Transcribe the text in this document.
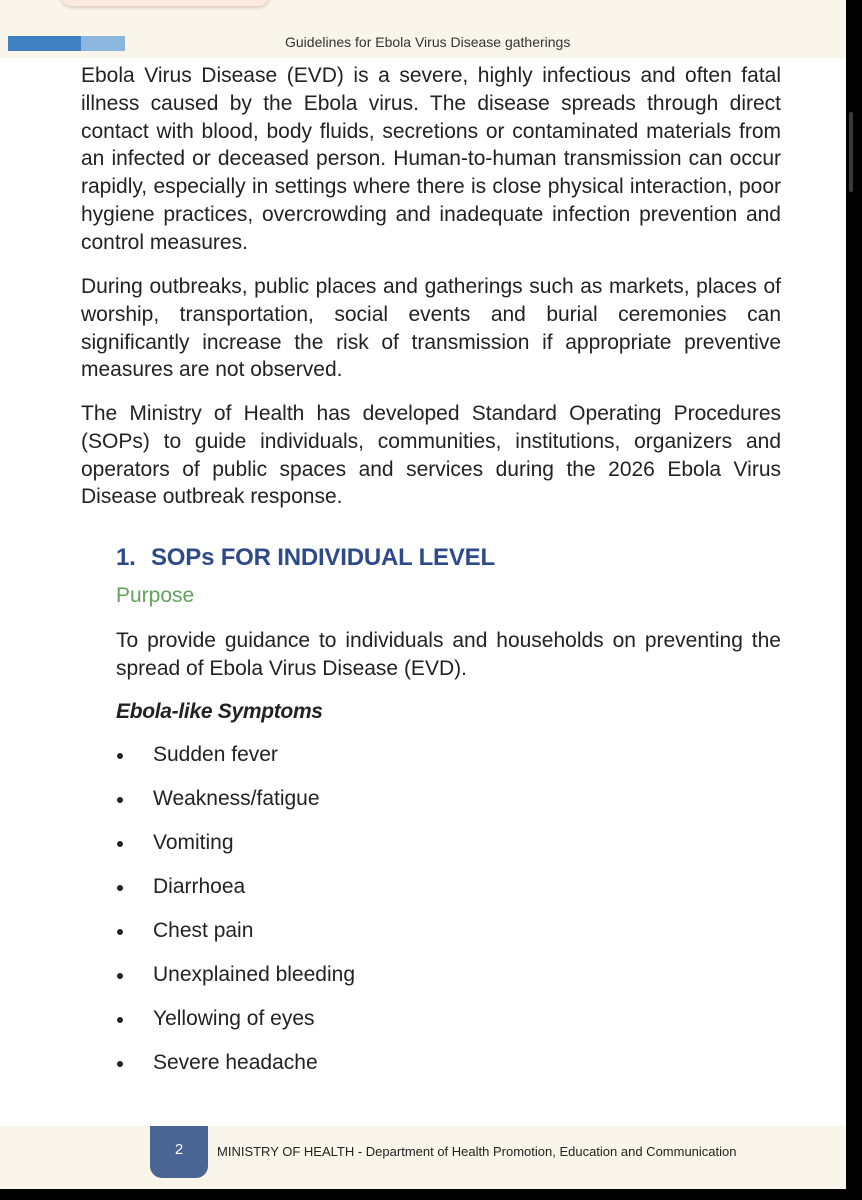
Guidelines for Ebola Virus Disease gatherings

Ebola Virus Disease (EVD) is a severe, highly infectious and often fatal illness caused by the Ebola virus. The disease spreads through direct contact with blood, body fluids, secretions or contaminated materials from an infected or deceased person. Human-to-human transmission can occur rapidly, especially in settings where there is close physical interaction, poor hygiene practices, overcrowding and inadequate infection prevention and control measures.

During outbreaks, public places and gatherings such as markets, places of worship, transportation, social events and burial ceremonies can significantly increase the risk of transmission if appropriate preventive measures are not observed.

The Ministry of Health has developed Standard Operating Procedures (SOPs) to guide individuals, communities, institutions, organizers and operators of public spaces and services during the 2026 Ebola Virus Disease outbreak response.

1. SOPs FOR INDIVIDUAL LEVEL
Purpose

To provide guidance to individuals and households on preventing the spread of Ebola Virus Disease (EVD).

Ebola-like Symptoms
Sudden fever
Weakness/fatigue
Vomiting
Diarrhoea
Chest pain
Unexplained bleeding
Yellowing of eyes
Severe headache
2	MINISTRY OF HEALTH - Department of Health Promotion, Education and Communication
